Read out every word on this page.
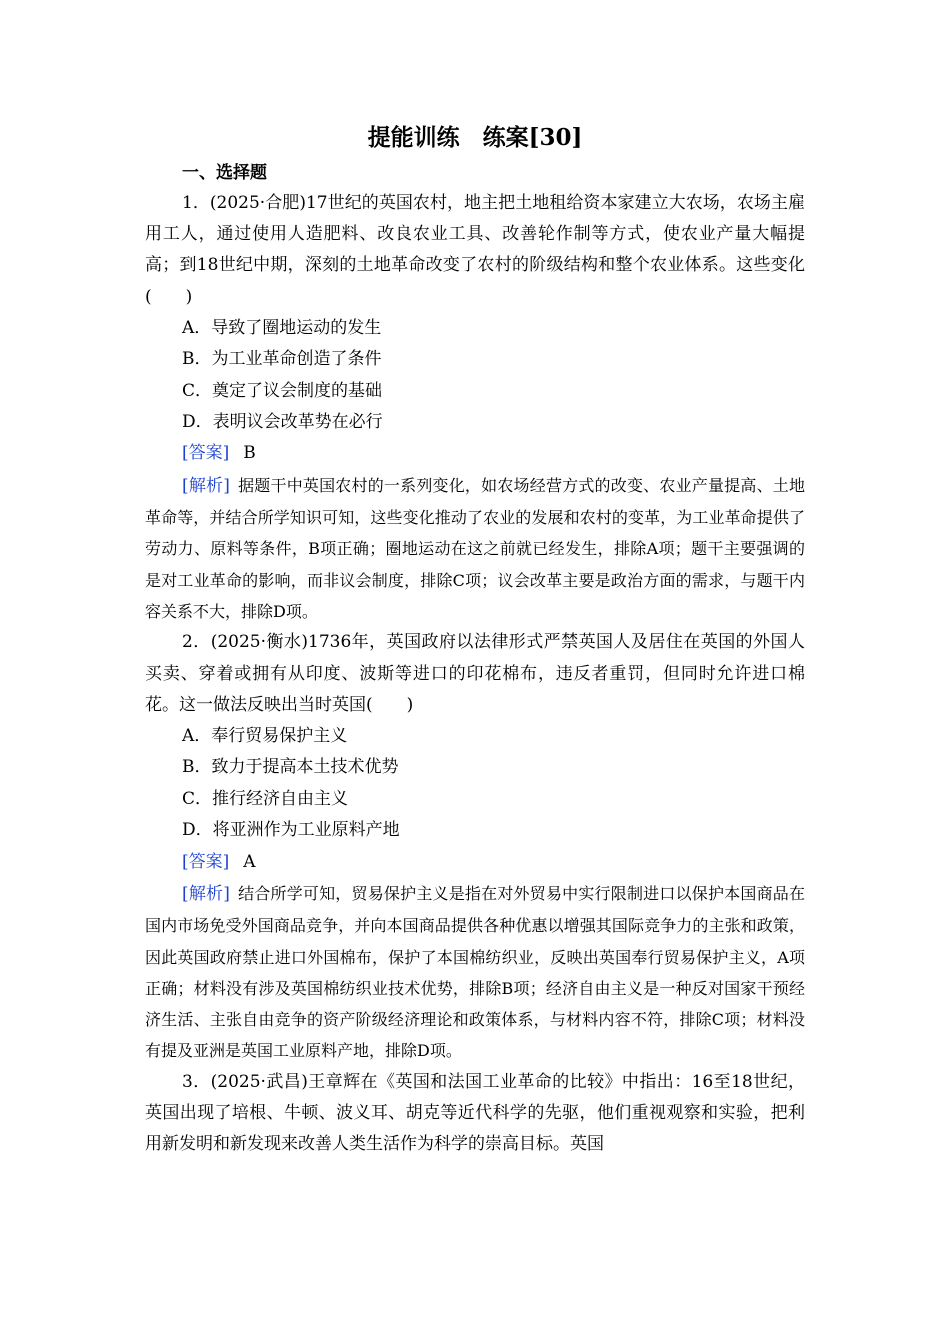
提能训练　练案[30]
一、选择题

1．(2025·合肥)17世纪的英国农村，地主把土地租给资本家建立大农场，农场主雇用工人，通过使用人造肥料、改良农业工具、改善轮作制等方式，使农业产量大幅提高；到18世纪中期，深刻的土地革命改变了农村的阶级结构和整个农业体系。这些变化(　　)

A．导致了圈地运动的发生
B．为工业革命创造了条件
C．奠定了议会制度的基础
D．表明议会改革势在必行
[答案] B

[解析] 据题干中英国农村的一系列变化，如农场经营方式的改变、农业产量提高、土地革命等，并结合所学知识可知，这些变化推动了农业的发展和农村的变革，为工业革命提供了劳动力、原料等条件，B项正确；圈地运动在这之前就已经发生，排除A项；题干主要强调的是对工业革命的影响，而非议会制度，排除C项；议会改革主要是政治方面的需求，与题干内容关系不大，排除D项。

2．(2025·衡水)1736年，英国政府以法律形式严禁英国人及居住在英国的外国人买卖、穿着或拥有从印度、波斯等进口的印花棉布，违反者重罚，但同时允许进口棉花。这一做法反映出当时英国(　　)

A．奉行贸易保护主义
B．致力于提高本土技术优势
C．推行经济自由主义
D．将亚洲作为工业原料产地
[答案] A

[解析] 结合所学可知，贸易保护主义是指在对外贸易中实行限制进口以保护本国商品在国内市场免受外国商品竞争，并向本国商品提供各种优惠以增强其国际竞争力的主张和政策，因此英国政府禁止进口外国棉布，保护了本国棉纺织业，反映出英国奉行贸易保护主义，A项正确；材料没有涉及英国棉纺织业技术优势，排除B项；经济自由主义是一种反对国家干预经济生活、主张自由竞争的资产阶级经济理论和政策体系，与材料内容不符，排除C项；材料没有提及亚洲是英国工业原料产地，排除D项。

3．(2025·武昌)王章辉在《英国和法国工业革命的比较》中指出：16至18世纪，英国出现了培根、牛顿、波义耳、胡克等近代科学的先驱，他们重视观察和实验，把利用新发明和新发现来改善人类生活作为科学的崇高目标。英国
